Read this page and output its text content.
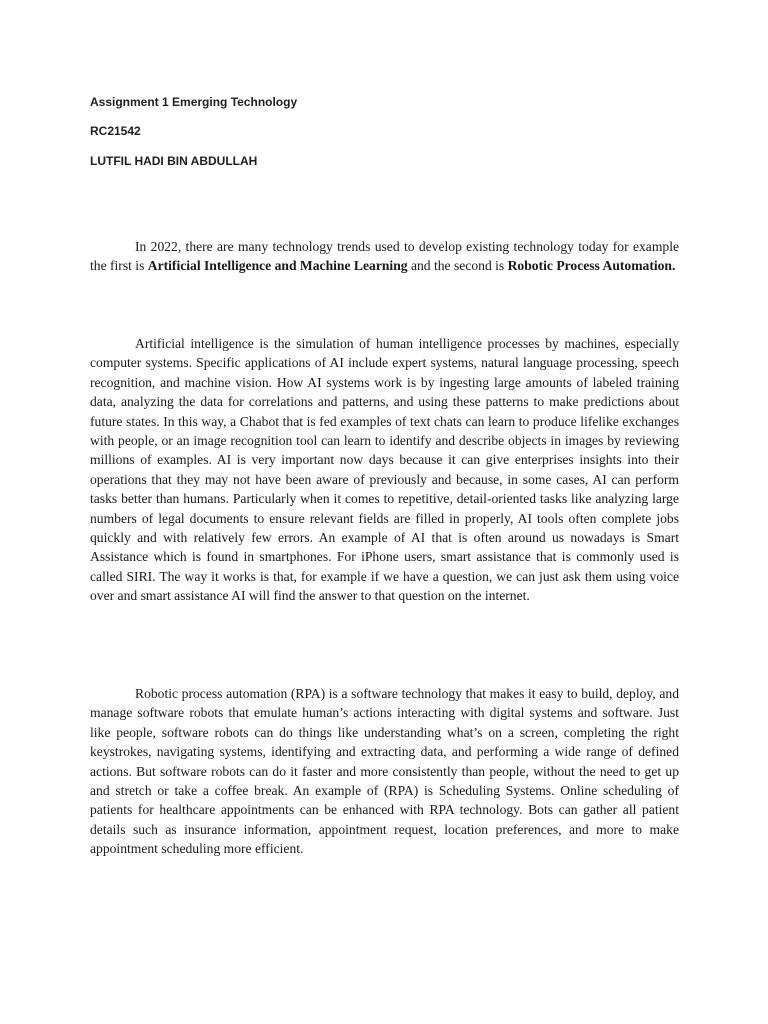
Assignment 1 Emerging Technology
RC21542
LUTFIL HADI BIN ABDULLAH

In 2022, there are many technology trends used to develop existing technology today for example the first is Artificial Intelligence and Machine Learning and the second is Robotic Process Automation.

Artificial intelligence is the simulation of human intelligence processes by machines, especially computer systems. Specific applications of AI include expert systems, natural language processing, speech recognition, and machine vision. How AI systems work is by ingesting large amounts of labeled training data, analyzing the data for correlations and patterns, and using these patterns to make predictions about future states. In this way, a Chabot that is fed examples of text chats can learn to produce lifelike exchanges with people, or an image recognition tool can learn to identify and describe objects in images by reviewing millions of examples. AI is very important now days because it can give enterprises insights into their operations that they may not have been aware of previously and because, in some cases, AI can perform tasks better than humans. Particularly when it comes to repetitive, detail-oriented tasks like analyzing large numbers of legal documents to ensure relevant fields are filled in properly, AI tools often complete jobs quickly and with relatively few errors. An example of AI that is often around us nowadays is Smart Assistance which is found in smartphones. For iPhone users, smart assistance that is commonly used is called SIRI. The way it works is that, for example if we have a question, we can just ask them using voice over and smart assistance AI will find the answer to that question on the internet.

Robotic process automation (RPA) is a software technology that makes it easy to build, deploy, and manage software robots that emulate human’s actions interacting with digital systems and software. Just like people, software robots can do things like understanding what’s on a screen, completing the right keystrokes, navigating systems, identifying and extracting data, and performing a wide range of defined actions. But software robots can do it faster and more consistently than people, without the need to get up and stretch or take a coffee break. An example of (RPA) is Scheduling Systems. Online scheduling of patients for healthcare appointments can be enhanced with RPA technology. Bots can gather all patient details such as insurance information, appointment request, location preferences, and more to make appointment scheduling more efficient.
